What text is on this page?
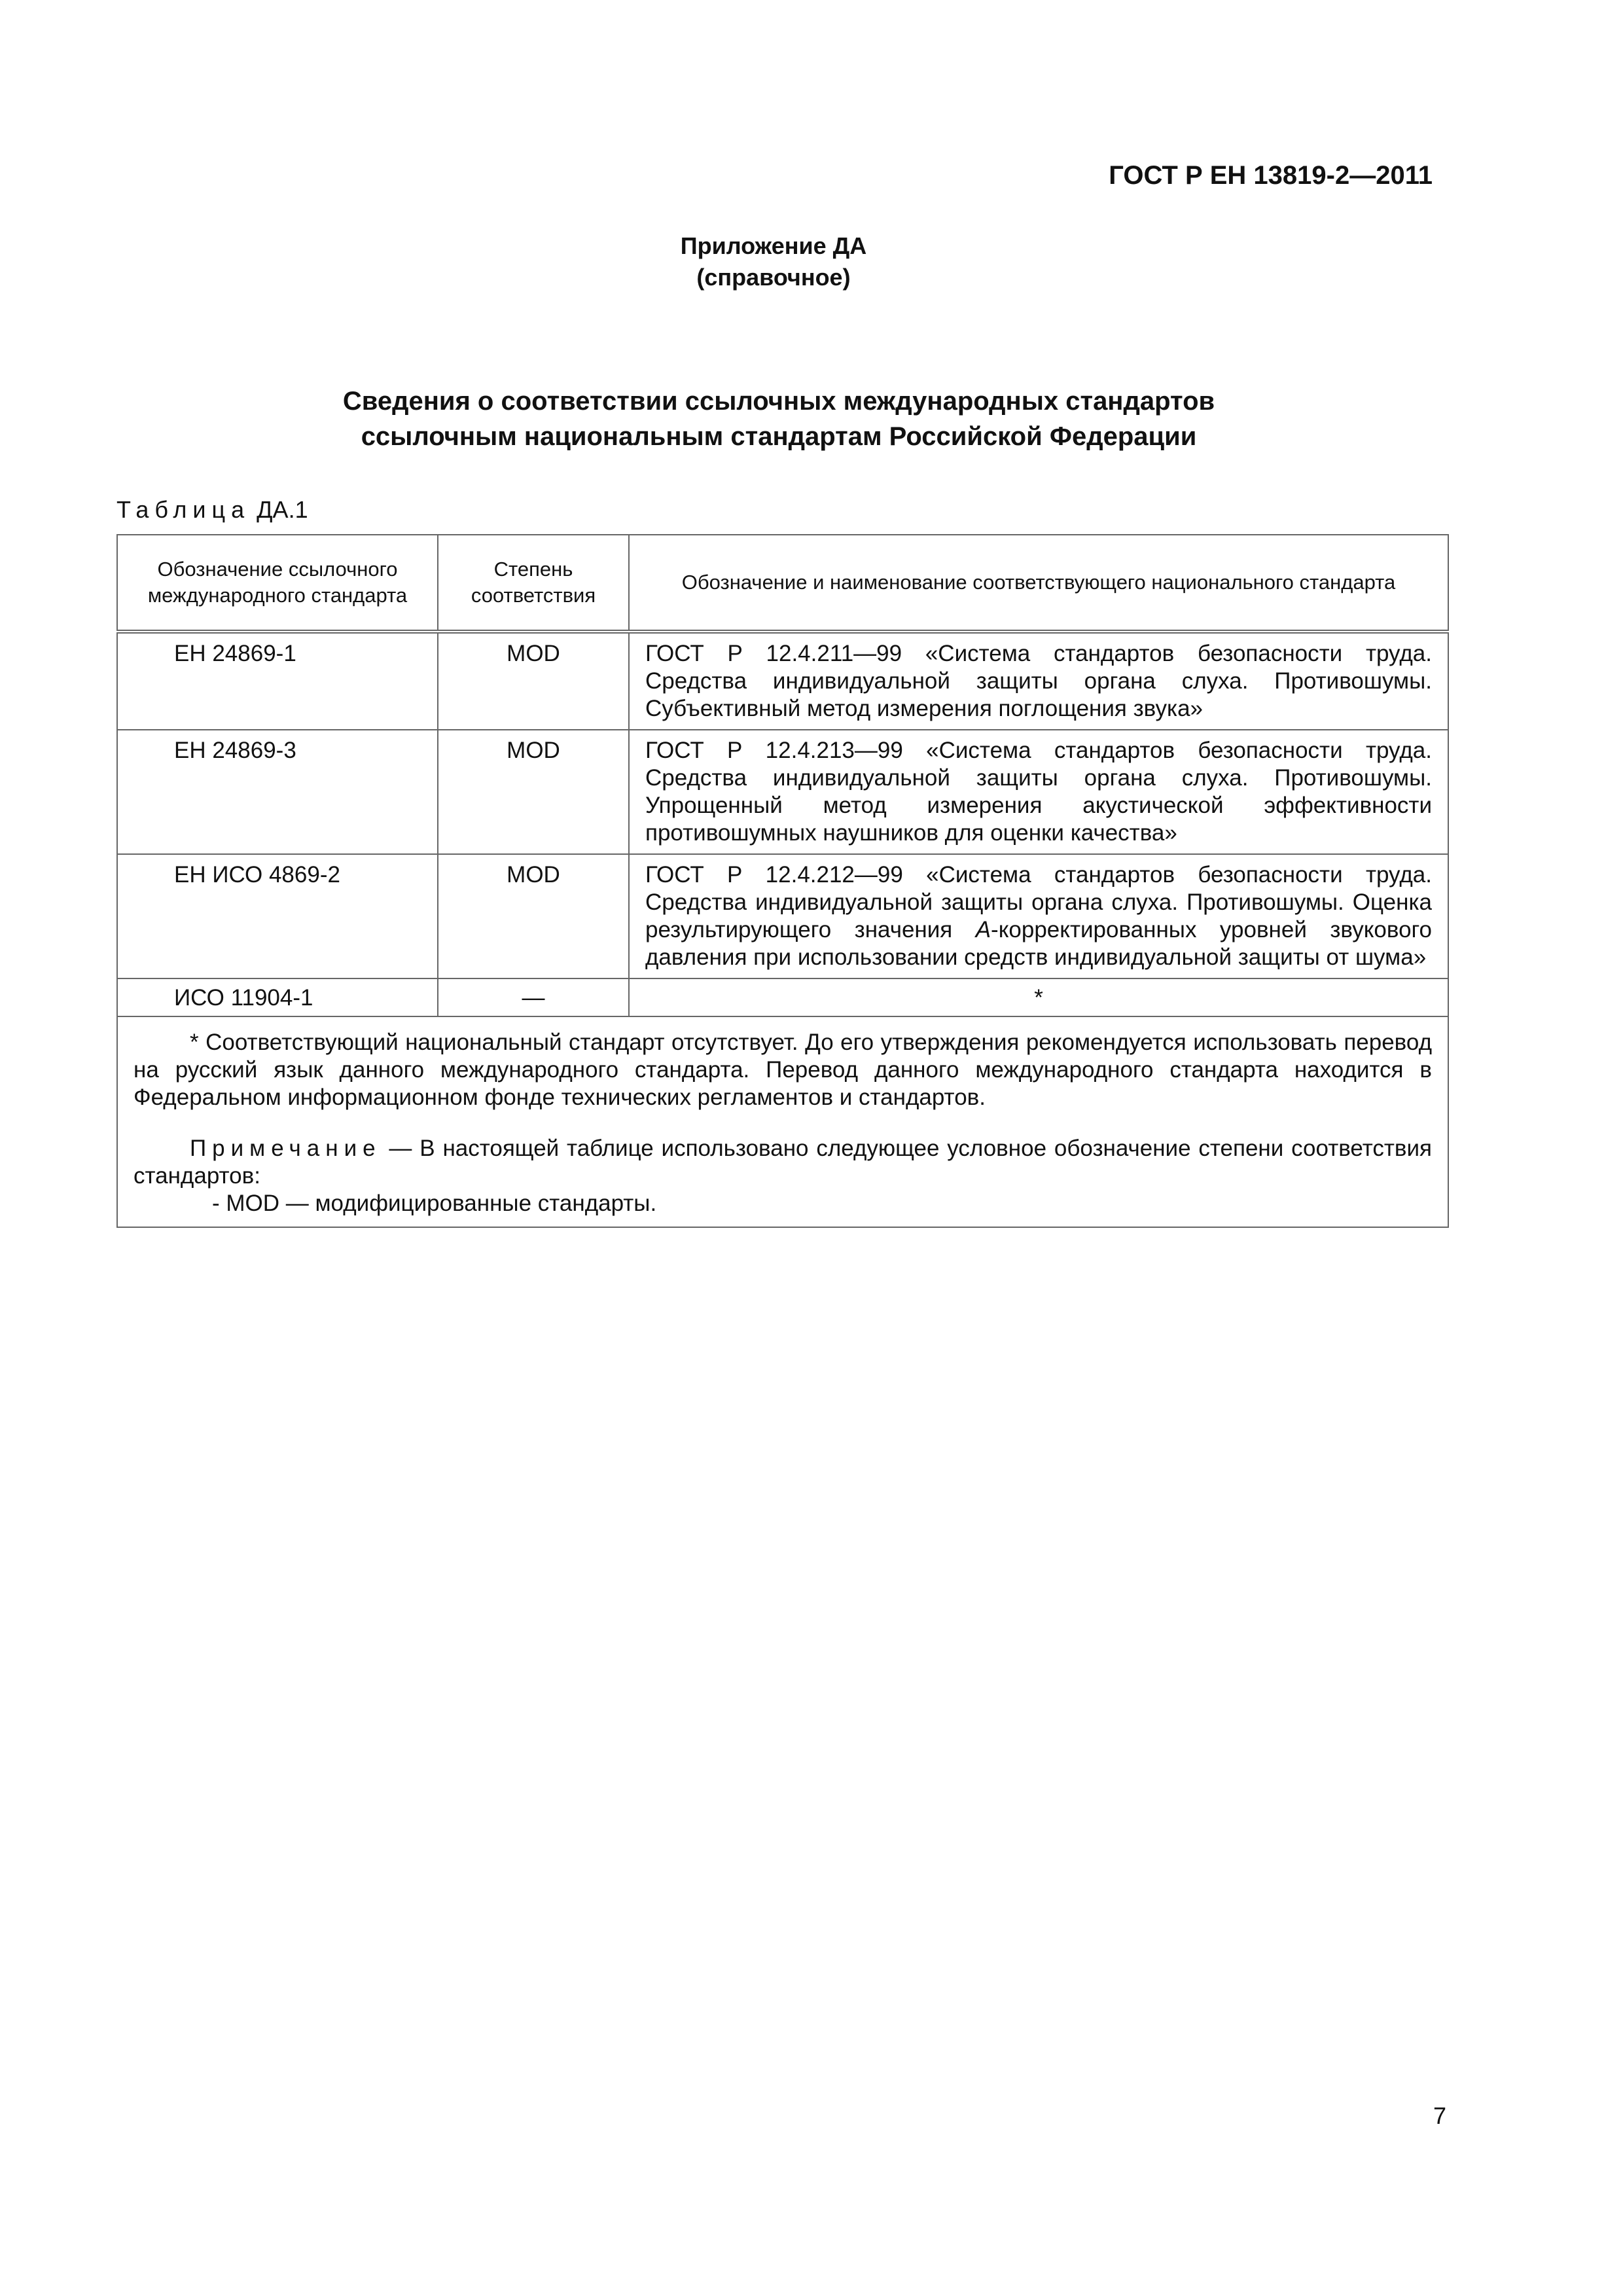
ГОСТ Р ЕН 13819-2—2011
Приложение ДА
(справочное)
Сведения о соответствии ссылочных международных стандартов
ссылочным национальным стандартам Российской Федерации
Таблица ДА.1
Обозначение ссылочного международного стандарта	Степень соответствия	Обозначение и наименование соответствующего национального стандарта
ЕН 24869-1	MOD	ГОСТ Р 12.4.211—99 «Система стандартов безопасности труда. Средства индивидуальной защиты органа слуха. Противошумы. Субъективный метод измерения поглощения звука»
ЕН 24869-3	MOD	ГОСТ Р 12.4.213—99 «Система стандартов безопасности труда. Средства индивидуальной защиты органа слуха. Противошумы. Упрощенный метод измерения акустической эффективности противошумных наушников для оценки качества»
ЕН ИСО 4869-2	MOD	ГОСТ Р 12.4.212—99 «Система стандартов безопасности труда. Средства индивидуальной защиты органа слуха. Противошумы. Оценка результирующего значения А-корректированных уровней звукового давления при использовании средств индивидуальной защиты от шума»
ИСО 11904-1	—	*

* Соответствующий национальный стандарт отсутствует. До его утверждения рекомендуется использовать перевод на русский язык данного международного стандарта. Перевод данного международного стандарта находится в Федеральном информационном фонде технических регламентов и стандартов.

Примечание — В настоящей таблице использовано следующее условное обозначение степени соответствия стандартов:

- MOD — модифицированные стандарты.		

7
